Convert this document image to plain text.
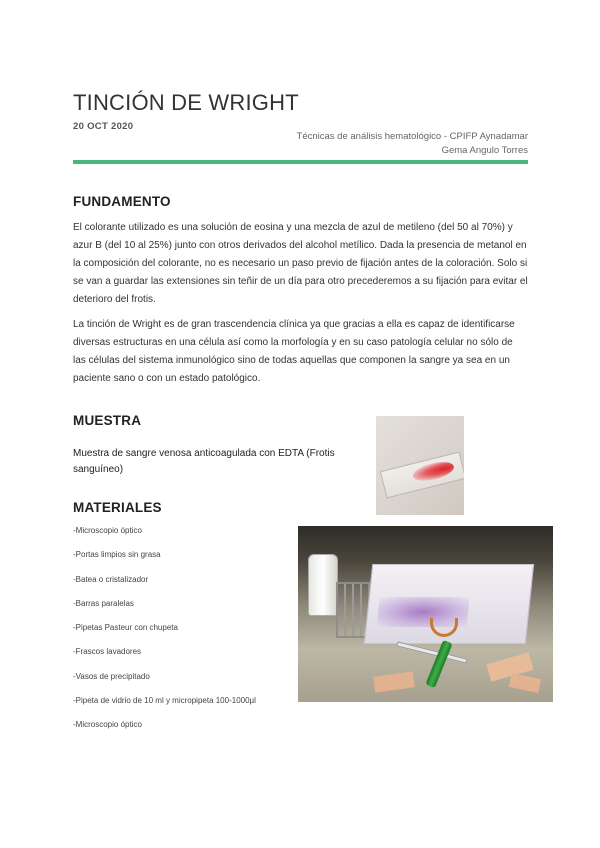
TINCIÓN DE WRIGHT
20 OCT 2020
Técnicas de análisis hematológico - CPIFP Aynadamar
Gema Angulo Torres
FUNDAMENTO

El colorante utilizado es una solución de eosina y una mezcla de azul de metileno (del 50 al 70%) y azur B (del 10 al 25%) junto con otros derivados del alcohol metílico. Dada la presencia de metanol en la composición del colorante, no es necesario un paso previo de fijación antes de la coloración. Solo si se van a guardar las extensiones sin teñir de un día para otro precederemos a su fijación para evitar el deterioro del frotis.

La tinción de Wright es de gran trascendencia clínica ya que gracias a ella es capaz de identificarse diversas estructuras en una célula así como la morfología y en su caso patología celular no sólo de las células del sistema inmunológico sino de todas aquellas que componen la sangre ya sea en un paciente sano o con un estado patológico.

MUESTRA
Muestra de sangre venosa anticoagulada con EDTA (Frotis sanguíneo)
MATERIALES
-Microscopio óptico
-Portas limpios sin grasa
-Batea o cristalizador
-Barras paralelas
-Pipetas Pasteur con chupeta
-Frascos lavadores
-Vasos de precipitado
-Pipeta de vidrio de 10 ml y micropipeta 100-1000µl
-Microscopio óptico
